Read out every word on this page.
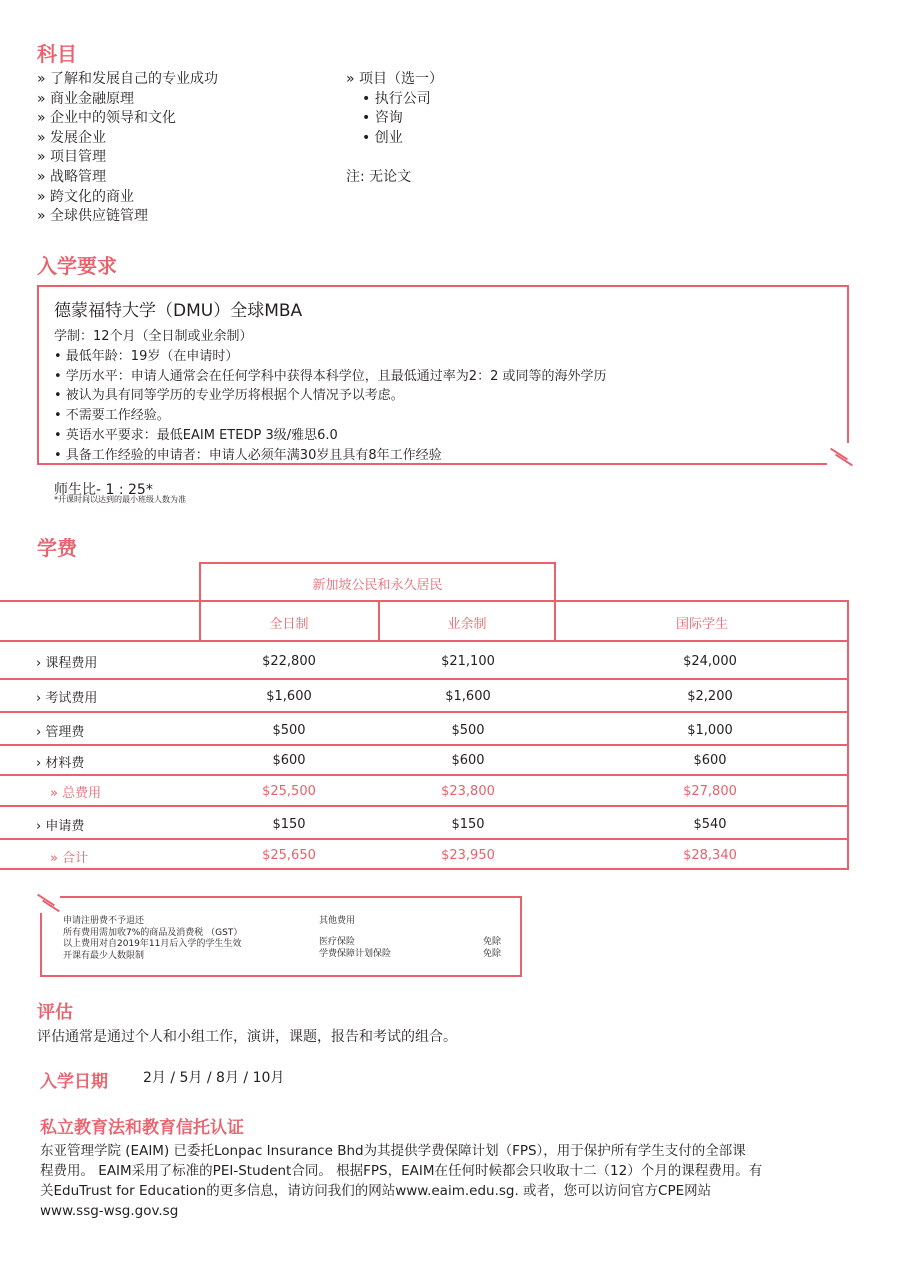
科目
» 了解和发展自己的专业成功
» 商业金融原理
» 企业中的领导和文化
» 发展企业
» 项目管理
» 战略管理
» 跨文化的商业
» 全球供应链管理
» 项目（选一）
• 执行公司
• 咨询
• 创业
注: 无论文
入学要求
德蒙福特大学（DMU）全球MBA
学制：12个月（全日制或业余制）
• 最低年龄：19岁（在申请时）
• 学历水平：申请人通常会在任何学科中获得本科学位，且最低通过率为2：2 或同等的海外学历
• 被认为具有同等学历的专业学历将根据个人情况予以考虑。
• 不需要工作经验。
• 英语水平要求：最低EAIM ETEDP 3级/雅思6.0
• 具备工作经验的申请者：申请人必须年满30岁且具有8年工作经验
师生比- 1 : 25*
*开课时间以达到的最小班级人数为准
学费
新加坡公民和永久居民
全日制	业余制	国际学生
› 课程费用	$22,800	$21,100	$24,000
› 考试费用	$1,600	$1,600	$2,200
› 管理费	$500	$500	$1,000
› 材料费	$600	$600	$600
» 总费用	$25,500	$23,800	$27,800
› 申请费	$150	$150	$540
» 合计	$25,650	$23,950	$28,340
申请注册费不予退还
所有费用需加收7%的商品及消费税 （GST）
以上费用对自2019年11月后入学的学生生效
开课有最少人数限制
其他费用
医疗保险	免除
学费保障计划保险	免除
评估
评估通常是通过个人和小组工作，演讲，课题，报告和考试的组合。
入学日期	2月 / 5月 / 8月 / 10月
私立教育法和教育信托认证
东亚管理学院 (EAIM) 已委托Lonpac Insurance Bhd为其提供学费保障计划（FPS），用于保护所有学生支付的全部课
程费用。 EAIM采用了标准的PEI-Student合同。 根据FPS，EAIM在任何时候都会只收取十二（12）个月的课程费用。有
关EduTrust for Education的更多信息，请访问我们的网站www.eaim.edu.sg. 或者，您可以访问官方CPE网站
www.ssg-wsg.gov.sg
